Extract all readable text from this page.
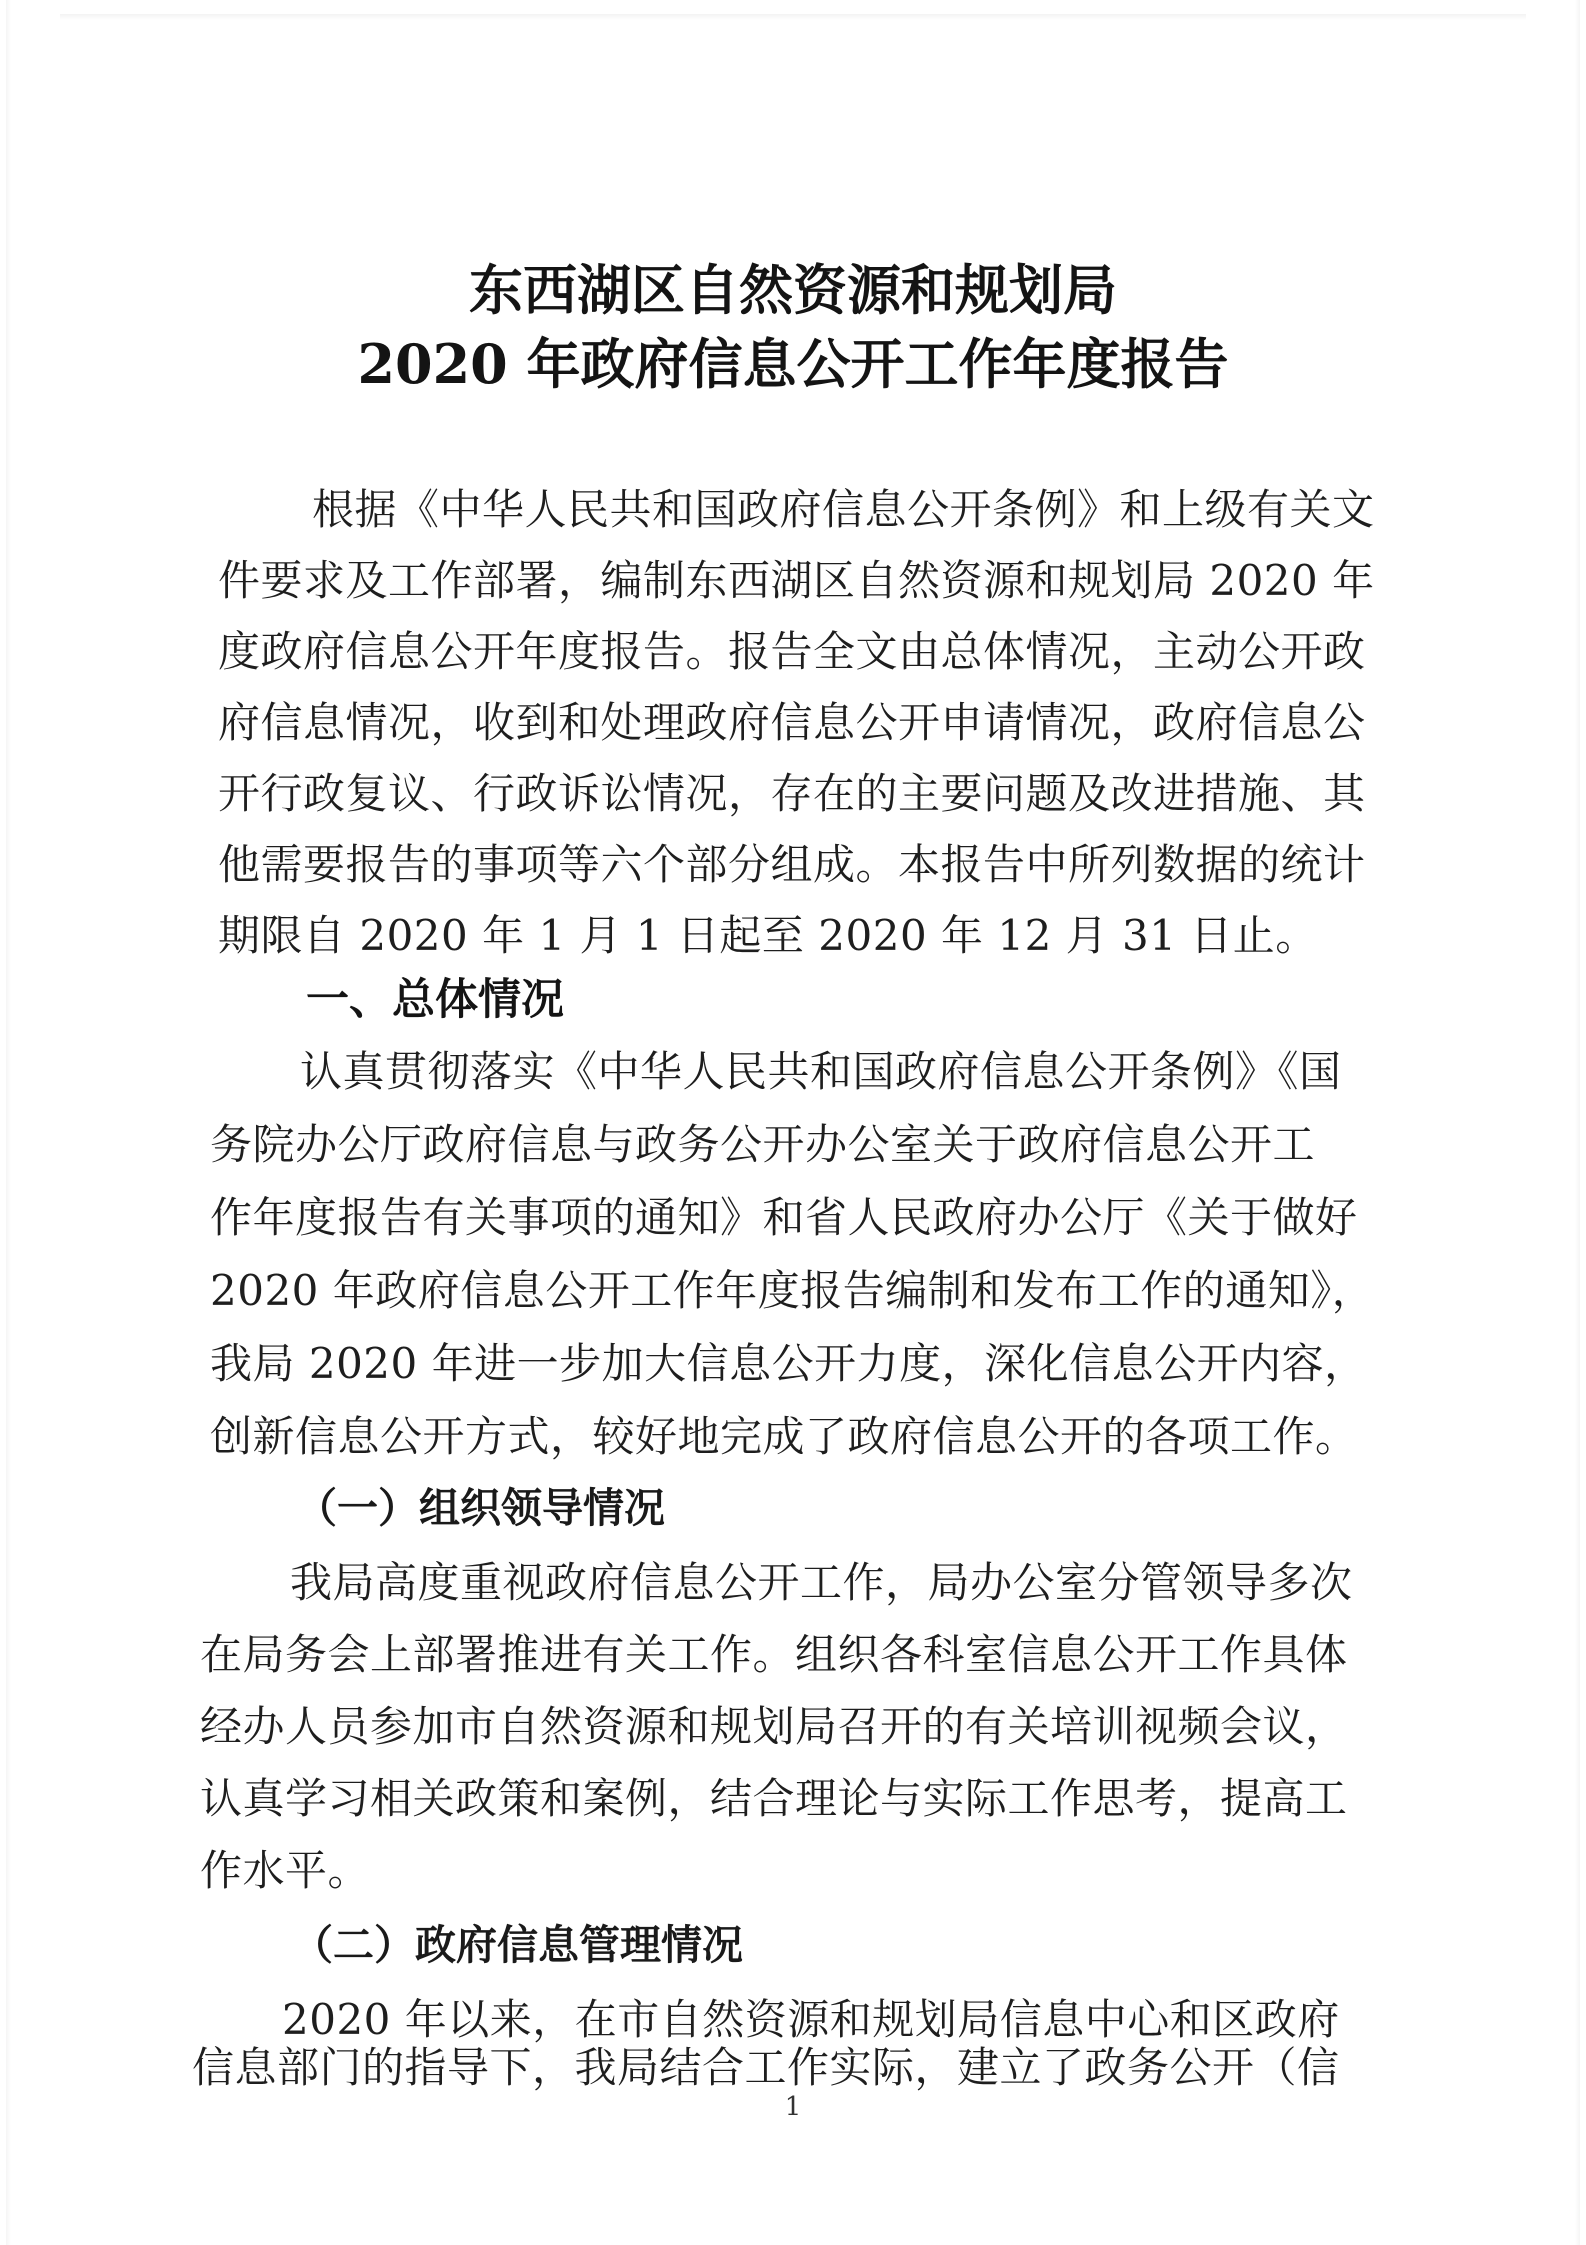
东西湖区自然资源和规划局
2020 年政府信息公开工作年度报告
根据《中华人民共和国政府信息公开条例》和上级有关文
件要求及工作部署，编制东西湖区自然资源和规划局 2020 年
度政府信息公开年度报告。报告全文由总体情况，主动公开政
府信息情况，收到和处理政府信息公开申请情况，政府信息公
开行政复议、行政诉讼情况，存在的主要问题及改进措施、其
他需要报告的事项等六个部分组成。本报告中所列数据的统计
期限自 2020 年 1 月 1 日起至 2020 年 12 月 31 日止。
一、总体情况
认真贯彻落实《中华人民共和国政府信息公开条例》《国
务院办公厅政府信息与政务公开办公室关于政府信息公开工
作年度报告有关事项的通知》和省人民政府办公厅《关于做好
2020 年政府信息公开工作年度报告编制和发布工作的通知》，
我局 2020 年进一步加大信息公开力度，深化信息公开内容，
创新信息公开方式，较好地完成了政府信息公开的各项工作。
（一）组织领导情况
我局高度重视政府信息公开工作，局办公室分管领导多次
在局务会上部署推进有关工作。组织各科室信息公开工作具体
经办人员参加市自然资源和规划局召开的有关培训视频会议，
认真学习相关政策和案例，结合理论与实际工作思考，提高工
作水平。
（二）政府信息管理情况
2020 年以来，在市自然资源和规划局信息中心和区政府
信息部门的指导下，我局结合工作实际，建立了政务公开（信
1
